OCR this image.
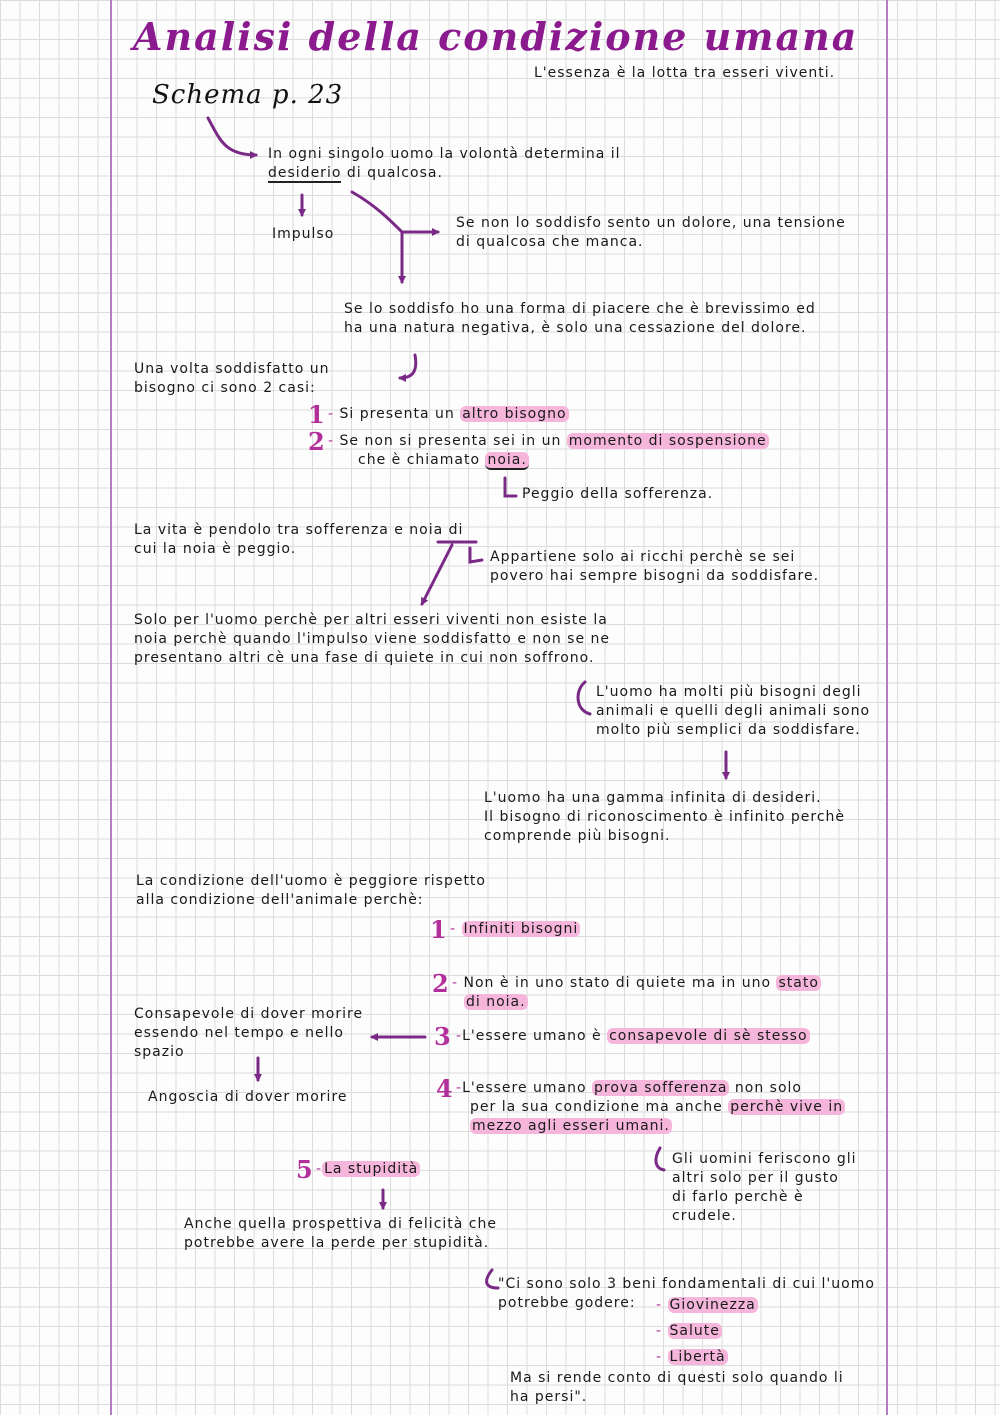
Analisi della condizione umana
Schema p. 23
L'essenza è la lotta tra esseri viventi.
In ogni singolo uomo la volontà determina il
desiderio di qualcosa.
Impulso
Se non lo soddisfo sento un dolore, una tensione
di qualcosa che manca.
Se lo soddisfo ho una forma di piacere che è brevissimo ed
ha una natura negativa, è solo una cessazione del dolore.
Una volta soddisfatto un
bisogno ci sono 2 casi:
1 - Si presenta un altro bisogno
2 - Se non si presenta sei in un momento di sospensione
che è chiamato noia.
Peggio della sofferenza.
La vita è pendolo tra sofferenza e noia di
cui la noia è peggio.	Appartiene solo ai ricchi perchè se sei
povero hai sempre bisogni da soddisfare.
Solo per l'uomo perchè per altri esseri viventi non esiste la
noia perchè quando l'impulso viene soddisfatto e non se ne
presentano altri cè una fase di quiete in cui non soffrono.
L'uomo ha molti più bisogni degli
animali e quelli degli animali sono
molto più semplici da soddisfare.
L'uomo ha una gamma infinita di desideri.
Il bisogno di riconoscimento è infinito perchè
comprende più bisogni.
La condizione dell'uomo è peggiore rispetto
alla condizione dell'animale perchè:
1 - Infiniti bisogni
2 - Non è in uno stato di quiete ma in uno stato
di noia.
Consapevole di dover morire
essendo nel tempo e nello
spazio
3 -L'essere umano è consapevole di sè stesso
Angoscia di dover morire	4 -L'essere umano prova sofferenza non solo
per la sua condizione ma anche perchè vive in
mezzo agli esseri umani.
Gli uomini feriscono gli
altri solo per il gusto
di farlo perchè è
crudele.
5 - La stupidità
Anche quella prospettiva di felicità che
potrebbe avere la perde per stupidità.
"Ci sono solo 3 beni fondamentali di cui l'uomo
potrebbe godere:	- Giovinezza
- Salute
- Libertà
Ma si rende conto di questi solo quando li
ha persi".
